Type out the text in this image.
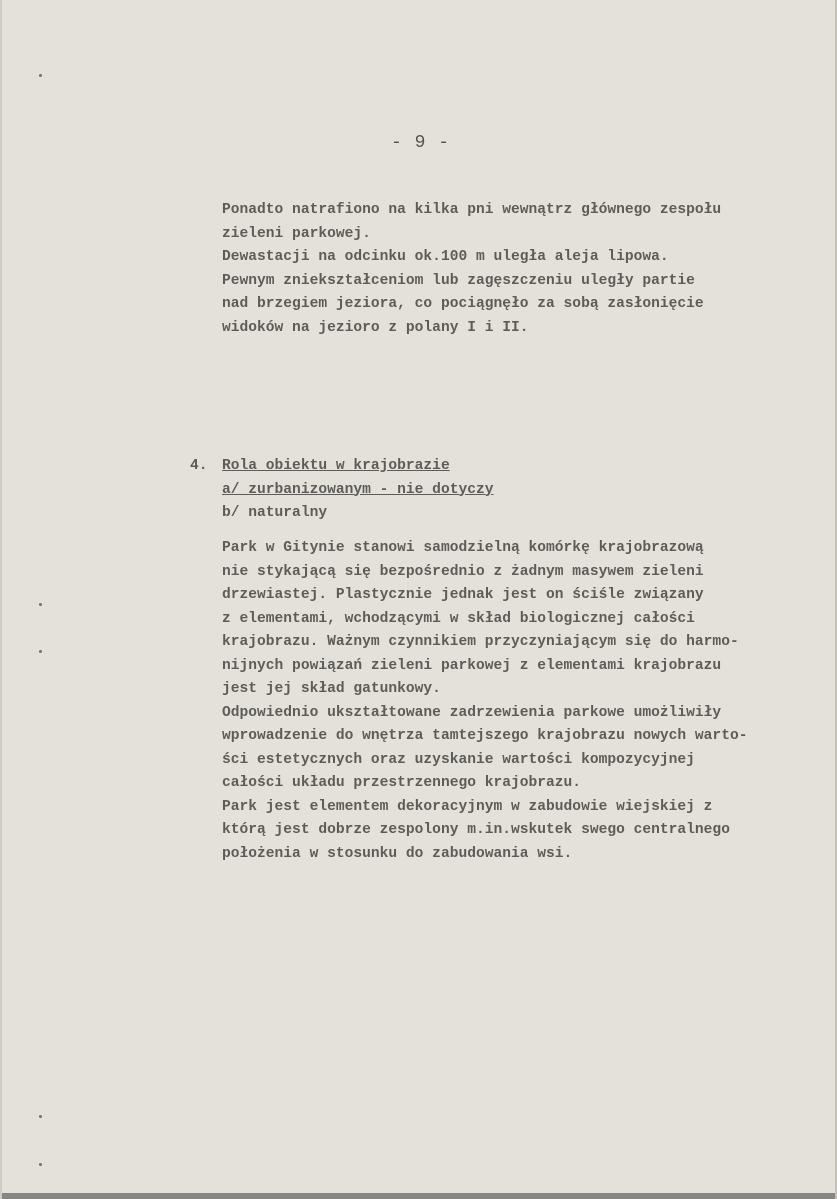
- 9 -
Ponadto natrafiono na kilka pni wewnątrz głównego zespołu
zieleni parkowej.
Dewastacji na odcinku ok.100 m uległa aleja lipowa.
Pewnym zniekształceniom lub zagęszczeniu uległy partie
nad brzegiem jeziora, co pociągnęło za sobą zasłonięcie
widoków na jezioro z polany I i II.
4. Rola obiektu w krajobrazie
a/ zurbanizowanym - nie dotyczy
b/ naturalny
Park w Gitynie stanowi samodzielną komórkę krajobrazową
nie stykającą się bezpośrednio z żadnym masywem zieleni
drzewiastej. Plastycznie jednak jest on ściśle związany
z elementami, wchodzącymi w skład biologicznej całości
krajobrazu. Ważnym czynnikiem przyczyniającym się do harmo-
nijnych powiązań zieleni parkowej z elementami krajobrazu
jest jej skład gatunkowy.
Odpowiednio ukształtowane zadrzewienia parkowe umożliwiły
wprowadzenie do wnętrza tamtejszego krajobrazu nowych warto-
ści estetycznych oraz uzyskanie wartości kompozycyjnej
całości układu przestrzennego krajobrazu.
Park jest elementem dekoracyjnym w zabudowie wiejskiej z
którą jest dobrze zespolony m.in.wskutek swego centralnego
położenia w stosunku do zabudowania wsi.
